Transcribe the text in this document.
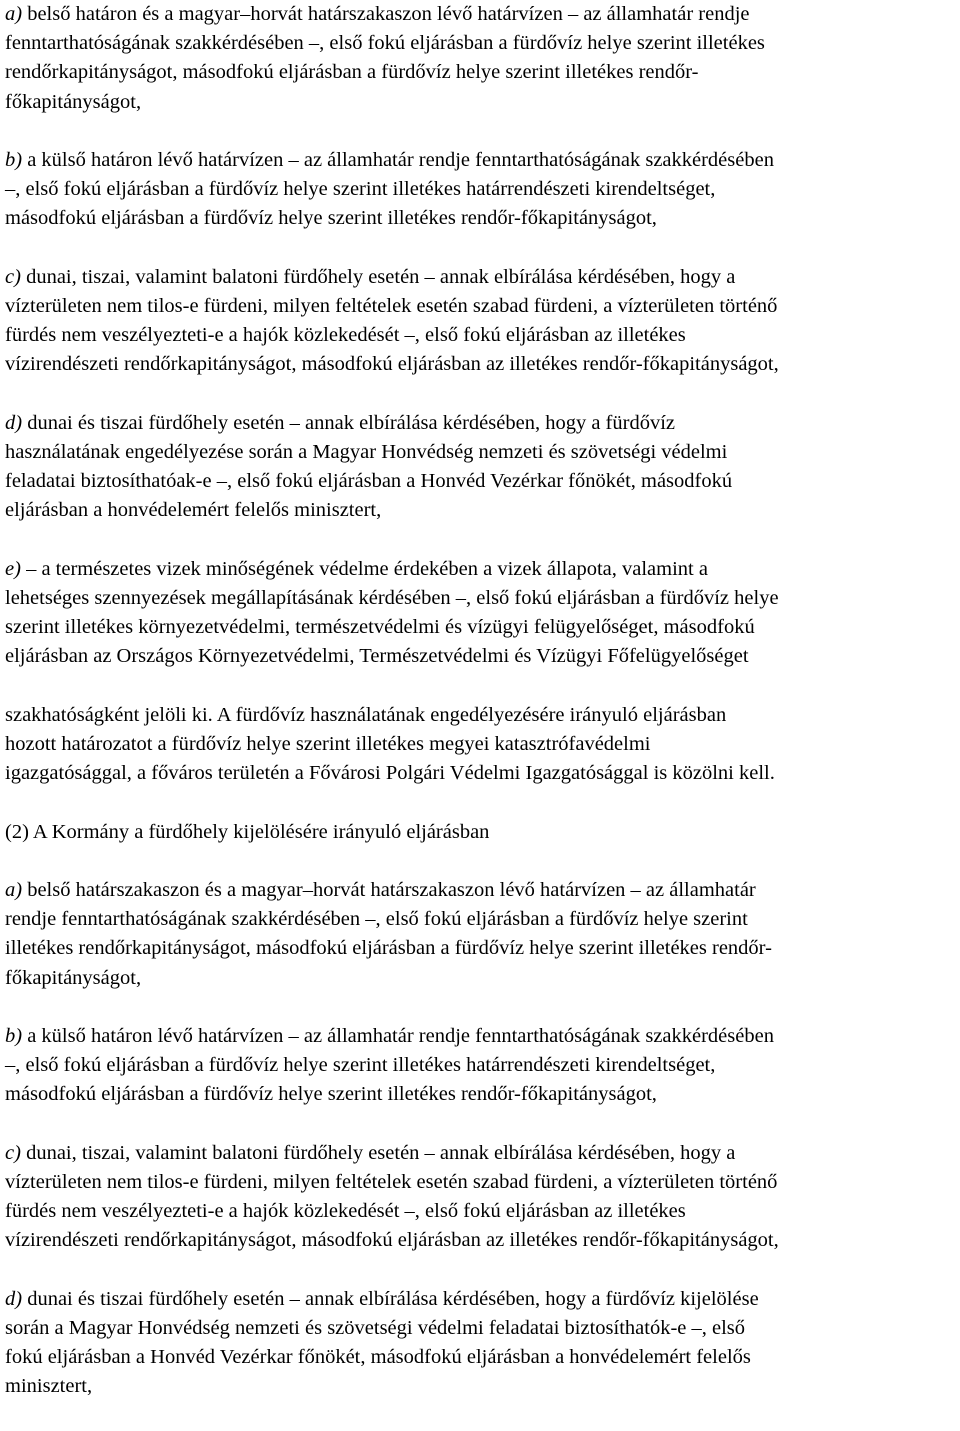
a) belső határon és a magyar–horvát határszakaszon lévő határvízen – az államhatár rendje
fenntarthatóságának szakkérdésében –, első fokú eljárásban a fürdővíz helye szerint illetékes
rendőrkapitányságot, másodfokú eljárásban a fürdővíz helye szerint illetékes rendőr-
főkapitányságot,
b) a külső határon lévő határvízen – az államhatár rendje fenntarthatóságának szakkérdésében
–, első fokú eljárásban a fürdővíz helye szerint illetékes határrendészeti kirendeltséget,
másodfokú eljárásban a fürdővíz helye szerint illetékes rendőr-főkapitányságot,
c) dunai, tiszai, valamint balatoni fürdőhely esetén – annak elbírálása kérdésében, hogy a
vízterületen nem tilos-e fürdeni, milyen feltételek esetén szabad fürdeni, a vízterületen történő
fürdés nem veszélyezteti-e a hajók közlekedését –, első fokú eljárásban az illetékes
vízirendészeti rendőrkapitányságot, másodfokú eljárásban az illetékes rendőr-főkapitányságot,
d) dunai és tiszai fürdőhely esetén – annak elbírálása kérdésében, hogy a fürdővíz
használatának engedélyezése során a Magyar Honvédség nemzeti és szövetségi védelmi
feladatai biztosíthatóak-e –, első fokú eljárásban a Honvéd Vezérkar főnökét, másodfokú
eljárásban a honvédelemért felelős minisztert,
e) – a természetes vizek minőségének védelme érdekében a vizek állapota, valamint a
lehetséges szennyezések megállapításának kérdésében –, első fokú eljárásban a fürdővíz helye
szerint illetékes környezetvédelmi, természetvédelmi és vízügyi felügyelőséget, másodfokú
eljárásban az Országos Környezetvédelmi, Természetvédelmi és Vízügyi Főfelügyelőséget
szakhatóságként jelöli ki. A fürdővíz használatának engedélyezésére irányuló eljárásban
hozott határozatot a fürdővíz helye szerint illetékes megyei katasztrófavédelmi
igazgatósággal, a főváros területén a Fővárosi Polgári Védelmi Igazgatósággal is közölni kell.
(2) A Kormány a fürdőhely kijelölésére irányuló eljárásban
a) belső határszakaszon és a magyar–horvát határszakaszon lévő határvízen – az államhatár
rendje fenntarthatóságának szakkérdésében –, első fokú eljárásban a fürdővíz helye szerint
illetékes rendőrkapitányságot, másodfokú eljárásban a fürdővíz helye szerint illetékes rendőr-
főkapitányságot,
b) a külső határon lévő határvízen – az államhatár rendje fenntarthatóságának szakkérdésében
–, első fokú eljárásban a fürdővíz helye szerint illetékes határrendészeti kirendeltséget,
másodfokú eljárásban a fürdővíz helye szerint illetékes rendőr-főkapitányságot,
c) dunai, tiszai, valamint balatoni fürdőhely esetén – annak elbírálása kérdésében, hogy a
vízterületen nem tilos-e fürdeni, milyen feltételek esetén szabad fürdeni, a vízterületen történő
fürdés nem veszélyezteti-e a hajók közlekedését –, első fokú eljárásban az illetékes
vízirendészeti rendőrkapitányságot, másodfokú eljárásban az illetékes rendőr-főkapitányságot,
d) dunai és tiszai fürdőhely esetén – annak elbírálása kérdésében, hogy a fürdővíz kijelölése
során a Magyar Honvédség nemzeti és szövetségi védelmi feladatai biztosíthatók-e –, első
fokú eljárásban a Honvéd Vezérkar főnökét, másodfokú eljárásban a honvédelemért felelős
minisztert,
